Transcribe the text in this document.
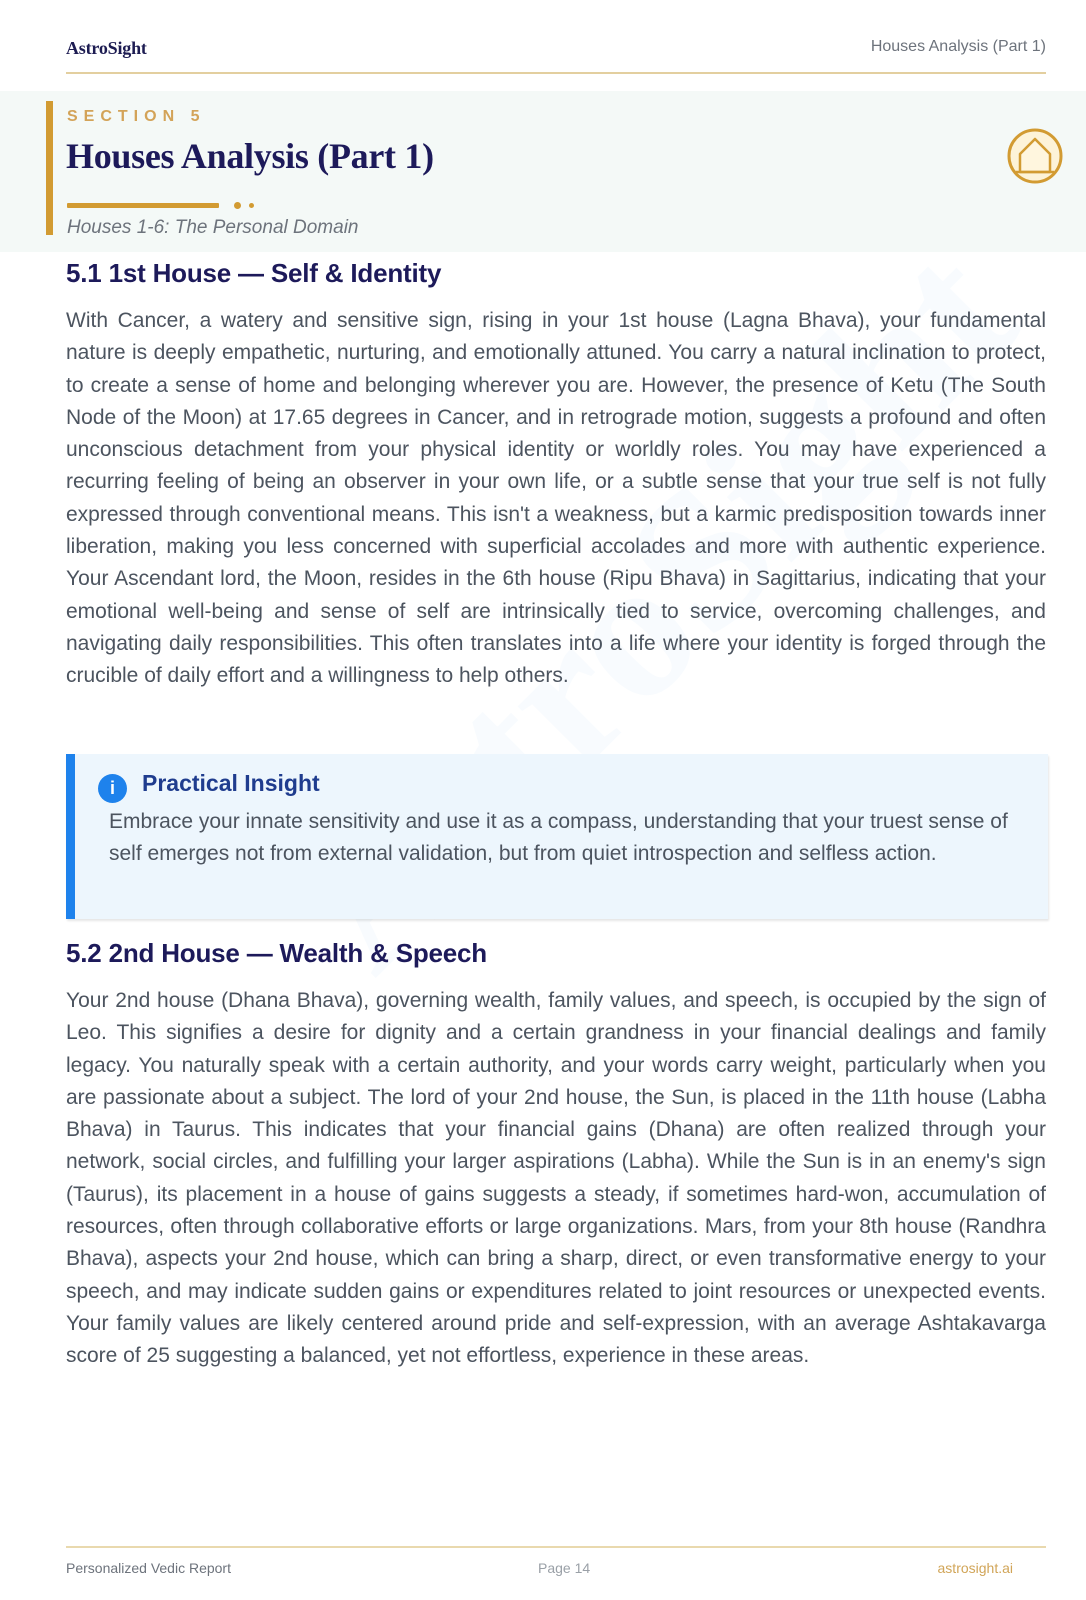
AstroSight	Houses Analysis (Part 1)
SECTION 5
Houses Analysis (Part 1)
Houses 1-6: The Personal Domain
5.1 1st House — Self & Identity

With Cancer, a watery and sensitive sign, rising in your 1st house (Lagna Bhava), your fundamental nature is deeply empathetic, nurturing, and emotionally attuned. You carry a natural inclination to protect, to create a sense of home and belonging wherever you are. However, the presence of Ketu (The South Node of the Moon) at 17.65 degrees in Cancer, and in retrograde motion, suggests a profound and often unconscious detachment from your physical identity or worldly roles. You may have experienced a recurring feeling of being an observer in your own life, or a subtle sense that your true self is not fully expressed through conventional means. This isn't a weakness, but a karmic predisposition towards inner liberation, making you less concerned with superficial accolades and more with authentic experience. Your Ascendant lord, the Moon, resides in the 6th house (Ripu Bhava) in Sagittarius, indicating that your emotional well-being and sense of self are intrinsically tied to service, overcoming challenges, and navigating daily responsibilities. This often translates into a life where your identity is forged through the crucible of daily effort and a willingness to help others.

i	Practical Insight

Embrace your innate sensitivity and use it as a compass, understanding that your truest sense of self emerges not from external validation, but from quiet introspection and selfless action.

5.2 2nd House — Wealth & Speech

Your 2nd house (Dhana Bhava), governing wealth, family values, and speech, is occupied by the sign of Leo. This signifies a desire for dignity and a certain grandness in your financial dealings and family legacy. You naturally speak with a certain authority, and your words carry weight, particularly when you are passionate about a subject. The lord of your 2nd house, the Sun, is placed in the 11th house (Labha Bhava) in Taurus. This indicates that your financial gains (Dhana) are often realized through your network, social circles, and fulfilling your larger aspirations (Labha). While the Sun is in an enemy's sign (Taurus), its placement in a house of gains suggests a steady, if sometimes hard-won, accumulation of resources, often through collaborative efforts or large organizations. Mars, from your 8th house (Randhra Bhava), aspects your 2nd house, which can bring a sharp, direct, or even transformative energy to your speech, and may indicate sudden gains or expenditures related to joint resources or unexpected events. Your family values are likely centered around pride and self-expression, with an average Ashtakavarga score of 25 suggesting a balanced, yet not effortless, experience in these areas.

Personalized Vedic Report	Page 14	astrosight.ai
